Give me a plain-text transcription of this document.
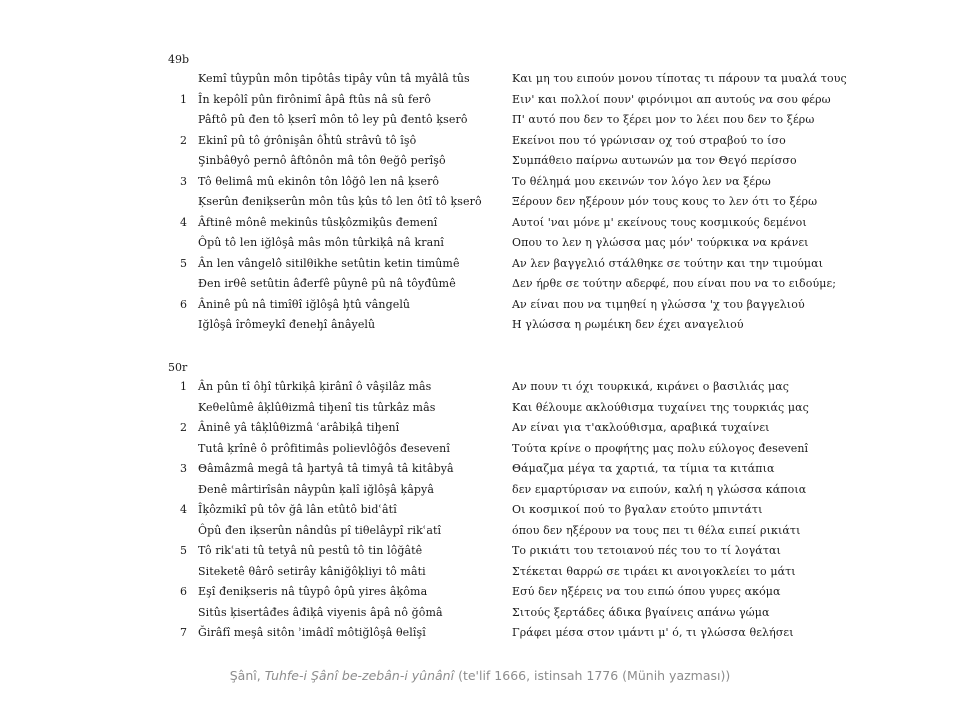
49b
Kemî tûypûn môn tipôtâs tipây vûn tâ myâlâ tûs	Και μη του ειπούν μονου τίποτας τι πάρουν τα μυαλά τους
1	În kepôlî pûn firônimî âpâ ftûs nâ sû ferô	Ειν' και πολλοί πουν' φιρόνιμοι απ αυτούς να σου φέρω
Pâftô pû đen tô ķserî môn tô ley pû đentô ķserô	Π' αυτό που δεν το ξέρει μον το λέει που δεν το ξέρω
2	Ekinî pû tô ģrônişân ôĥtû strâvû tô îşô	Εκείνοι που τό γρώνισαν οχ τού στραβού το ίσο
Şinbâθyô pernô âftônôn mâ tôn θeğô perîşô	Συμπάθειο παίρνω αυτωνών μα τον Θεγό περίσσο
3	Tô θelimâ mû ekinôn tôn lôğô len nâ ķserô	Το θέλημά μου εκεινών τον λόγο λεν να ξέρω
Ķserûn đeniķserûn môn tûs ķûs tô len ôtî tô ķserô	Ξέρουν δεν ηξέρουν μόν τους κους το λεν ότι το ξέρω
4	Âftinê mônê mekinûs tûsķôzmiķûs đemenî	Αυτοί 'ναι μόνε μ' εκείνους τους κοσμικούς δεμένοι
Ôpû tô len iğlôşâ mâs môn tûrkiķâ nâ kranî	Οπου το λεν η γλώσσα μας μόν' τούρκικα να κράνει
5	Ân len vângelô sitilθikhe setûtin ketin timûmê	Αν λεν βαγγελιό στάλθηκε σε τούτην και την τιμούμαι
Đen irθê setûtin âđerfê pûynê pû nâ tôyđûmê	Δεν ήρθε σε τούτην αδερφέ, που είναι που να το ειδούμε;
6	Âninê pû nâ timîθî iğlôşâ ḩtû vângelû	Αν είναι που να τιμηθεί η γλώσσα 'χ του βαγγελιού
Iğlôşâ îrômeykî đeneḩî ânâyelû	Η γλώσσα η ρωμέικη δεν έχει αναγελιού
50r
1	Ân pûn tî ôḩî tûrkiķâ ķirânî ô vâşilâz mâs	Αν πουν τι όχι τουρκικά, κιράνει ο βασιλιάς μας
Keθelûmê âķlûθizmâ tiḩenî tis tûrkâz mâs	Και θέλουμε ακλούθισμα τυχαίνει της τουρκιάς μας
2	Âninê yâ tâķlûθizmâ ʿarâbiķâ tiḩenî	Αν είναι για τ'ακλούθισμα, αραβικά τυχαίνει
Tutâ ķrînê ô prôfitimâs polievlôğôs đesevenî	Τούτα κρίνε ο προφήτης μας πολυ εύλογος đesevenî
3	Θâmâzmâ megâ tâ ḩartyâ tâ timyâ tâ kitâbyâ	Θάμαζμα μέγα τα χαρτιά, τα τίμια τα κιτάπια
Đenê mârtirîsân nâypûn ķalî iğlôşâ ķâpyâ	δεν εμαρτύρισαν να ειπούν, καλή η γλώσσα κάποια
4	Îķôzmikî pû tôv ğâ lân etûtô bidʿâtî	Οι κοσμικοί πού το βγαλαν ετούτο μπιντάτι
Ôpû đen iķserûn nândûs pî tiθelâypî rikʿatî	όπου δεν ηξέρουν να τους πει τι θέλα ειπεί ρικιάτι
5	Tô rikʿati tû tetyâ nû pestû tô tin lôğâtê	Το ρικιάτι του τετοιανού πές του το τί λογάται
Siteketê θârô setirây kâniğôķliyi tô mâti	Στέκεται θαρρώ σε τιράει κι ανοιγοκλείει το μάτι
6	Eşî đeniķseris nâ tûypô ôpû yires âķôma	Εσύ δεν ηξέρεις να του ειπώ όπου γυρες ακόμα
Sitûs ķisertâđes âđiķâ viyenis âpâ nô ğômâ	Σιτούς ξερτάδες άδικα βγαίνεις απάνω γώμα
7	Ğirâfî meşâ sitôn ʾimâdî môtiğlôşâ θelîşî	Γράφει μέσα στον ιμάντι μ' ό, τι γλώσσα θελήσει
Şânî, Tuhfe-i Şânî be-zebân-i yûnânî (te'lif 1666, istinsah 1776 (Münih yazması))
